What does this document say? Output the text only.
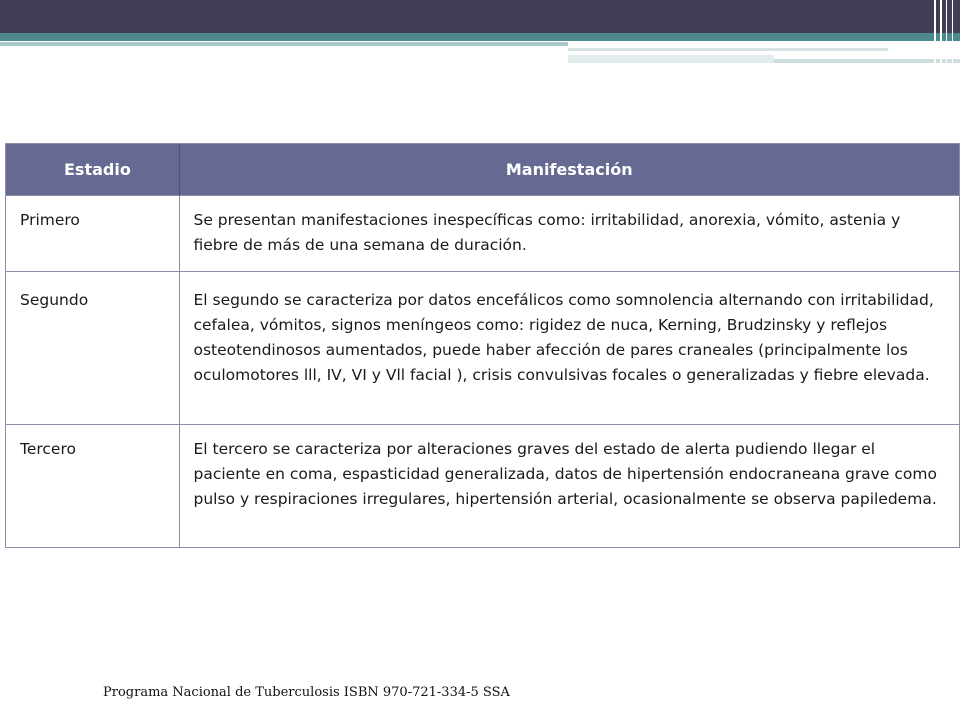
Estadio	Manifestación
Primero	Se presentan manifestaciones inespecíficas como: irritabilidad, anorexia, vómito, astenia y fiebre de más de una semana de duración.
Segundo	El segundo se caracteriza por datos encefálicos como somnolencia alternando con irritabilidad, cefalea, vómitos, signos meníngeos como: rigidez de nuca, Kerning, Brudzinsky y reflejos osteotendinosos aumentados, puede haber afección de pares craneales (principalmente los oculomotores lll, IV, VI y Vll facial ), crisis convulsivas focales o generalizadas y fiebre elevada.
Tercero	El tercero se caracteriza por alteraciones graves del estado de alerta pudiendo llegar el paciente en coma, espasticidad generalizada, datos de hipertensión endocraneana grave como pulso y respiraciones irregulares, hipertensión arterial, ocasionalmente se observa papiledema.
Programa Nacional de Tuberculosis ISBN 970-721-334-5 SSA
